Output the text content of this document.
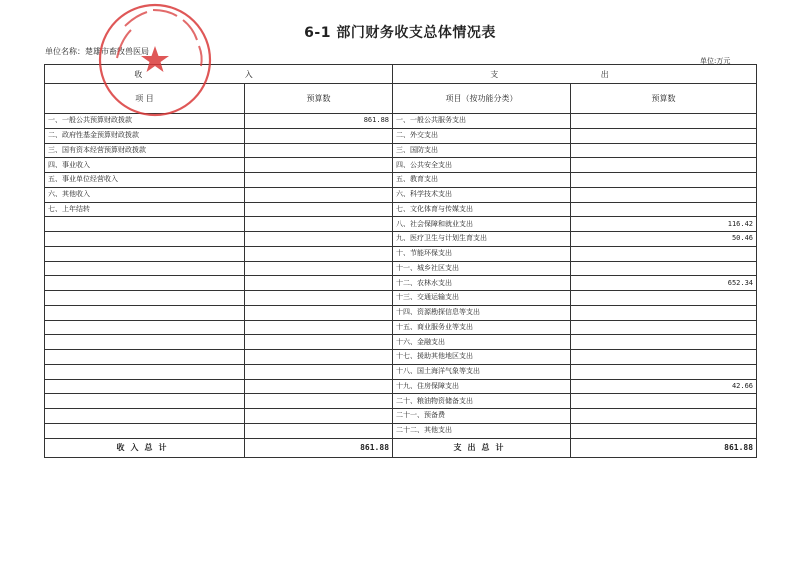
6-1 部门财务收支总体情况表
单位名称：楚雄市畜牧兽医局
单位:万元
收 入		支 出	
项 目	预算数	项目（按功能分类）	预算数
一、一般公共预算财政拨款	861.88	一、一般公共服务支出	
二、政府性基金预算财政拨款		二、外交支出	
三、国有资本经营预算财政拨款		三、国防支出	
四、事业收入		四、公共安全支出	
五、事业单位经营收入		五、教育支出	
六、其他收入		六、科学技术支出	
七、上年结转		七、文化体育与传媒支出	
		八、社会保障和就业支出	116.42
		九、医疗卫生与计划生育支出	50.46
		十、节能环保支出	
		十一、城乡社区支出	
		十二、农林水支出	652.34
		十三、交通运输支出	
		十四、资源勘探信息等支出	
		十五、商业服务业等支出	
		十六、金融支出	
		十七、援助其他地区支出	
		十八、国土海洋气象等支出	
		十九、住房保障支出	42.66
		二十、粮油物资储备支出	
		二十一、预备费	
		二十二、其他支出	
收入总计	861.88	支出总计	861.88
